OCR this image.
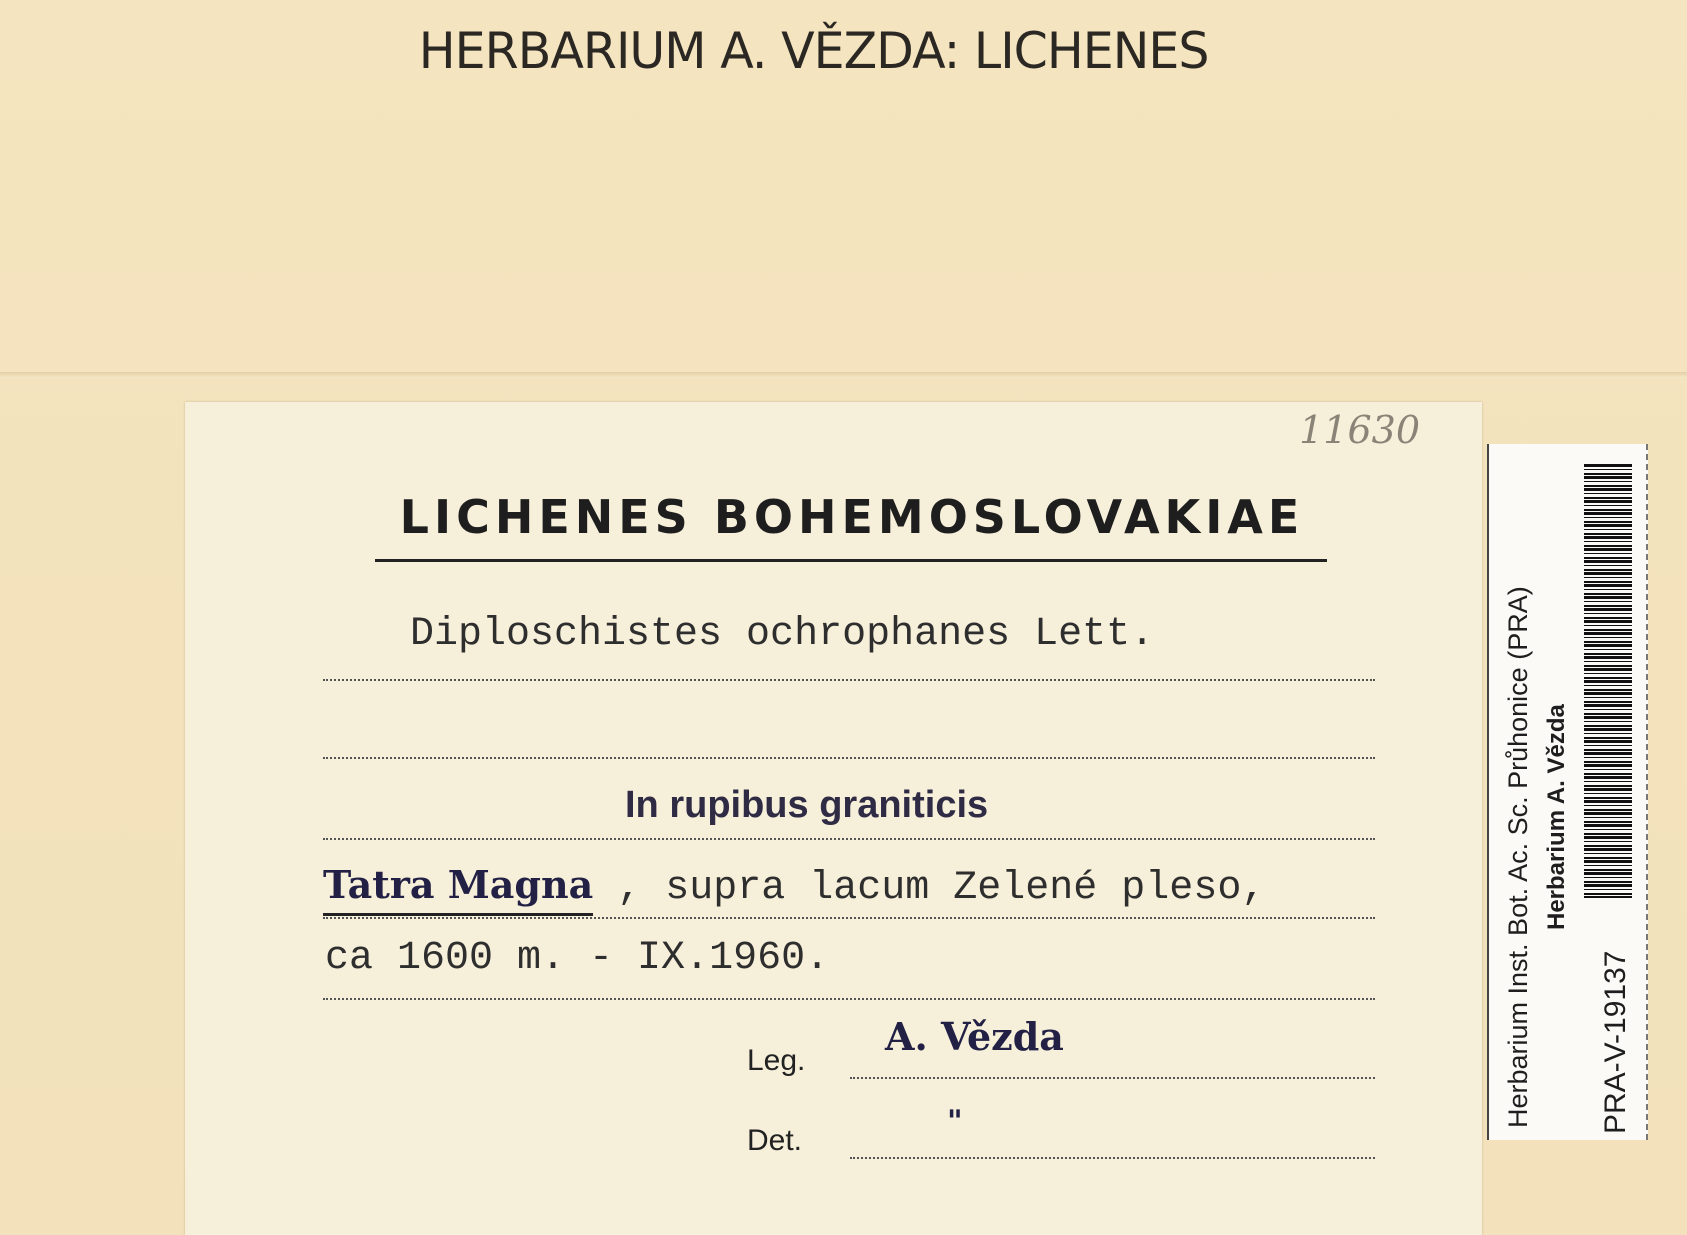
HERBARIUM A. VĚZDA: LICHENES
11630
LICHENES BOHEMOSLOVAKIAE
Diploschistes ochrophanes Lett.
In rupibus graniticis
Tatra Magna , supra lacum Zelené pleso,
ca 1600 m. - IX.1960.
Leg.
A. Vězda
Det.
"	Herbarium Inst. Bot. Ac. Sc. Průhonice (PRA) Herbarium A. Vězda
PRA-V-19137
